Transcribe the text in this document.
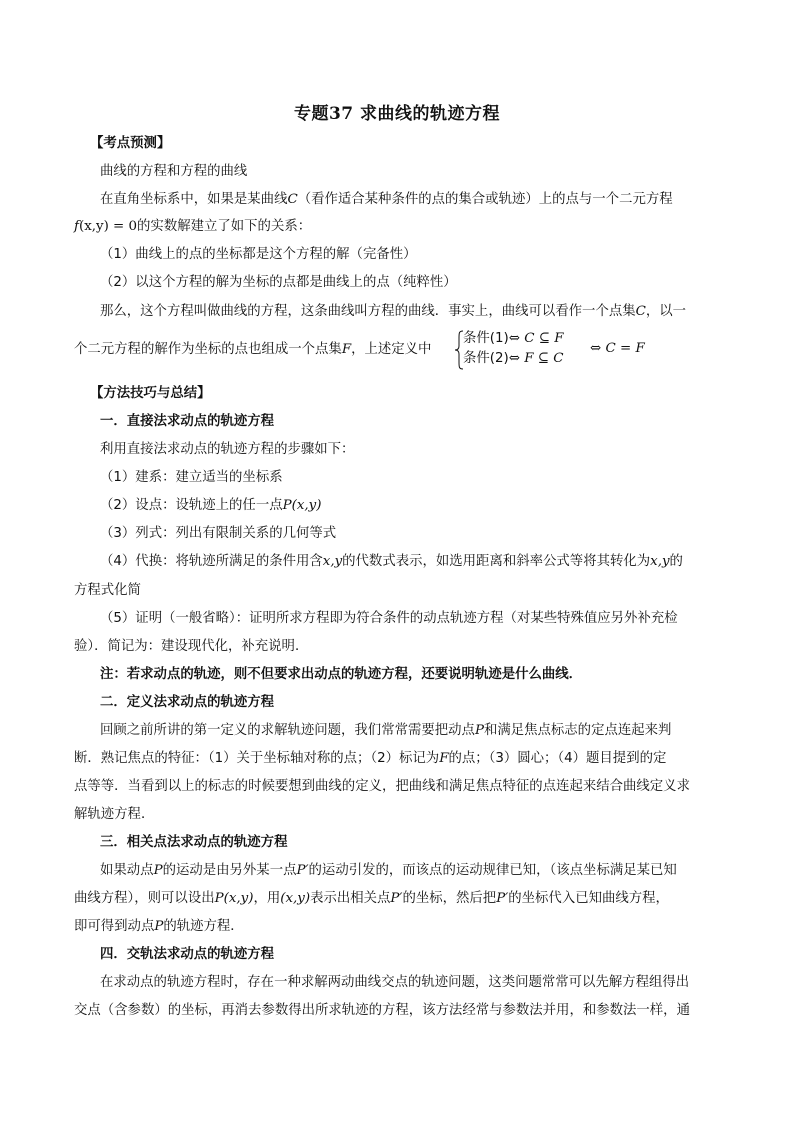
专题37 求曲线的轨迹方程
【考点预测】
曲线的方程和方程的曲线
在直角坐标系中，如果是某曲线C（看作适合某种条件的点的集合或轨迹）上的点与一个二元方程
f(x,y) = 0的实数解建立了如下的关系：
（1）曲线上的点的坐标都是这个方程的解（完备性）
（2）以这个方程的解为坐标的点都是曲线上的点（纯粹性）
那么，这个方程叫做曲线的方程，这条曲线叫方程的曲线．事实上，曲线可以看作一个点集C，以一
个二元方程的解作为坐标的点也组成一个点集F，上述定义中
条件(1)⇔ C ⊆ F
条件(2)⇔ F ⊆ C
⇔ C = F
【方法技巧与总结】
一．直接法求动点的轨迹方程
利用直接法求动点的轨迹方程的步骤如下：
（1）建系：建立适当的坐标系
（2）设点：设轨迹上的任一点P(x,y)
（3）列式：列出有限制关系的几何等式
（4）代换：将轨迹所满足的条件用含x,y的代数式表示，如选用距离和斜率公式等将其转化为x,y的
方程式化简
（5）证明（一般省略）：证明所求方程即为符合条件的动点轨迹方程（对某些特殊值应另外补充检
验）．简记为：建设现代化，补充说明．
注：若求动点的轨迹，则不但要求出动点的轨迹方程，还要说明轨迹是什么曲线．
二．定义法求动点的轨迹方程
回顾之前所讲的第一定义的求解轨迹问题，我们常常需要把动点P和满足焦点标志的定点连起来判
断．熟记焦点的特征：（1）关于坐标轴对称的点；（2）标记为F的点；（3）圆心；（4）题目提到的定
点等等．当看到以上的标志的时候要想到曲线的定义，把曲线和满足焦点特征的点连起来结合曲线定义求
解轨迹方程．
三．相关点法求动点的轨迹方程
如果动点P的运动是由另外某一点P′的运动引发的，而该点的运动规律已知，（该点坐标满足某已知
曲线方程），则可以设出P(x,y)，用(x,y)表示出相关点P′的坐标，然后把P′的坐标代入已知曲线方程，
即可得到动点P的轨迹方程．
四．交轨法求动点的轨迹方程
在求动点的轨迹方程时，存在一种求解两动曲线交点的轨迹问题，这类问题常常可以先解方程组得出
交点（含参数）的坐标，再消去参数得出所求轨迹的方程，该方法经常与参数法并用，和参数法一样，通
